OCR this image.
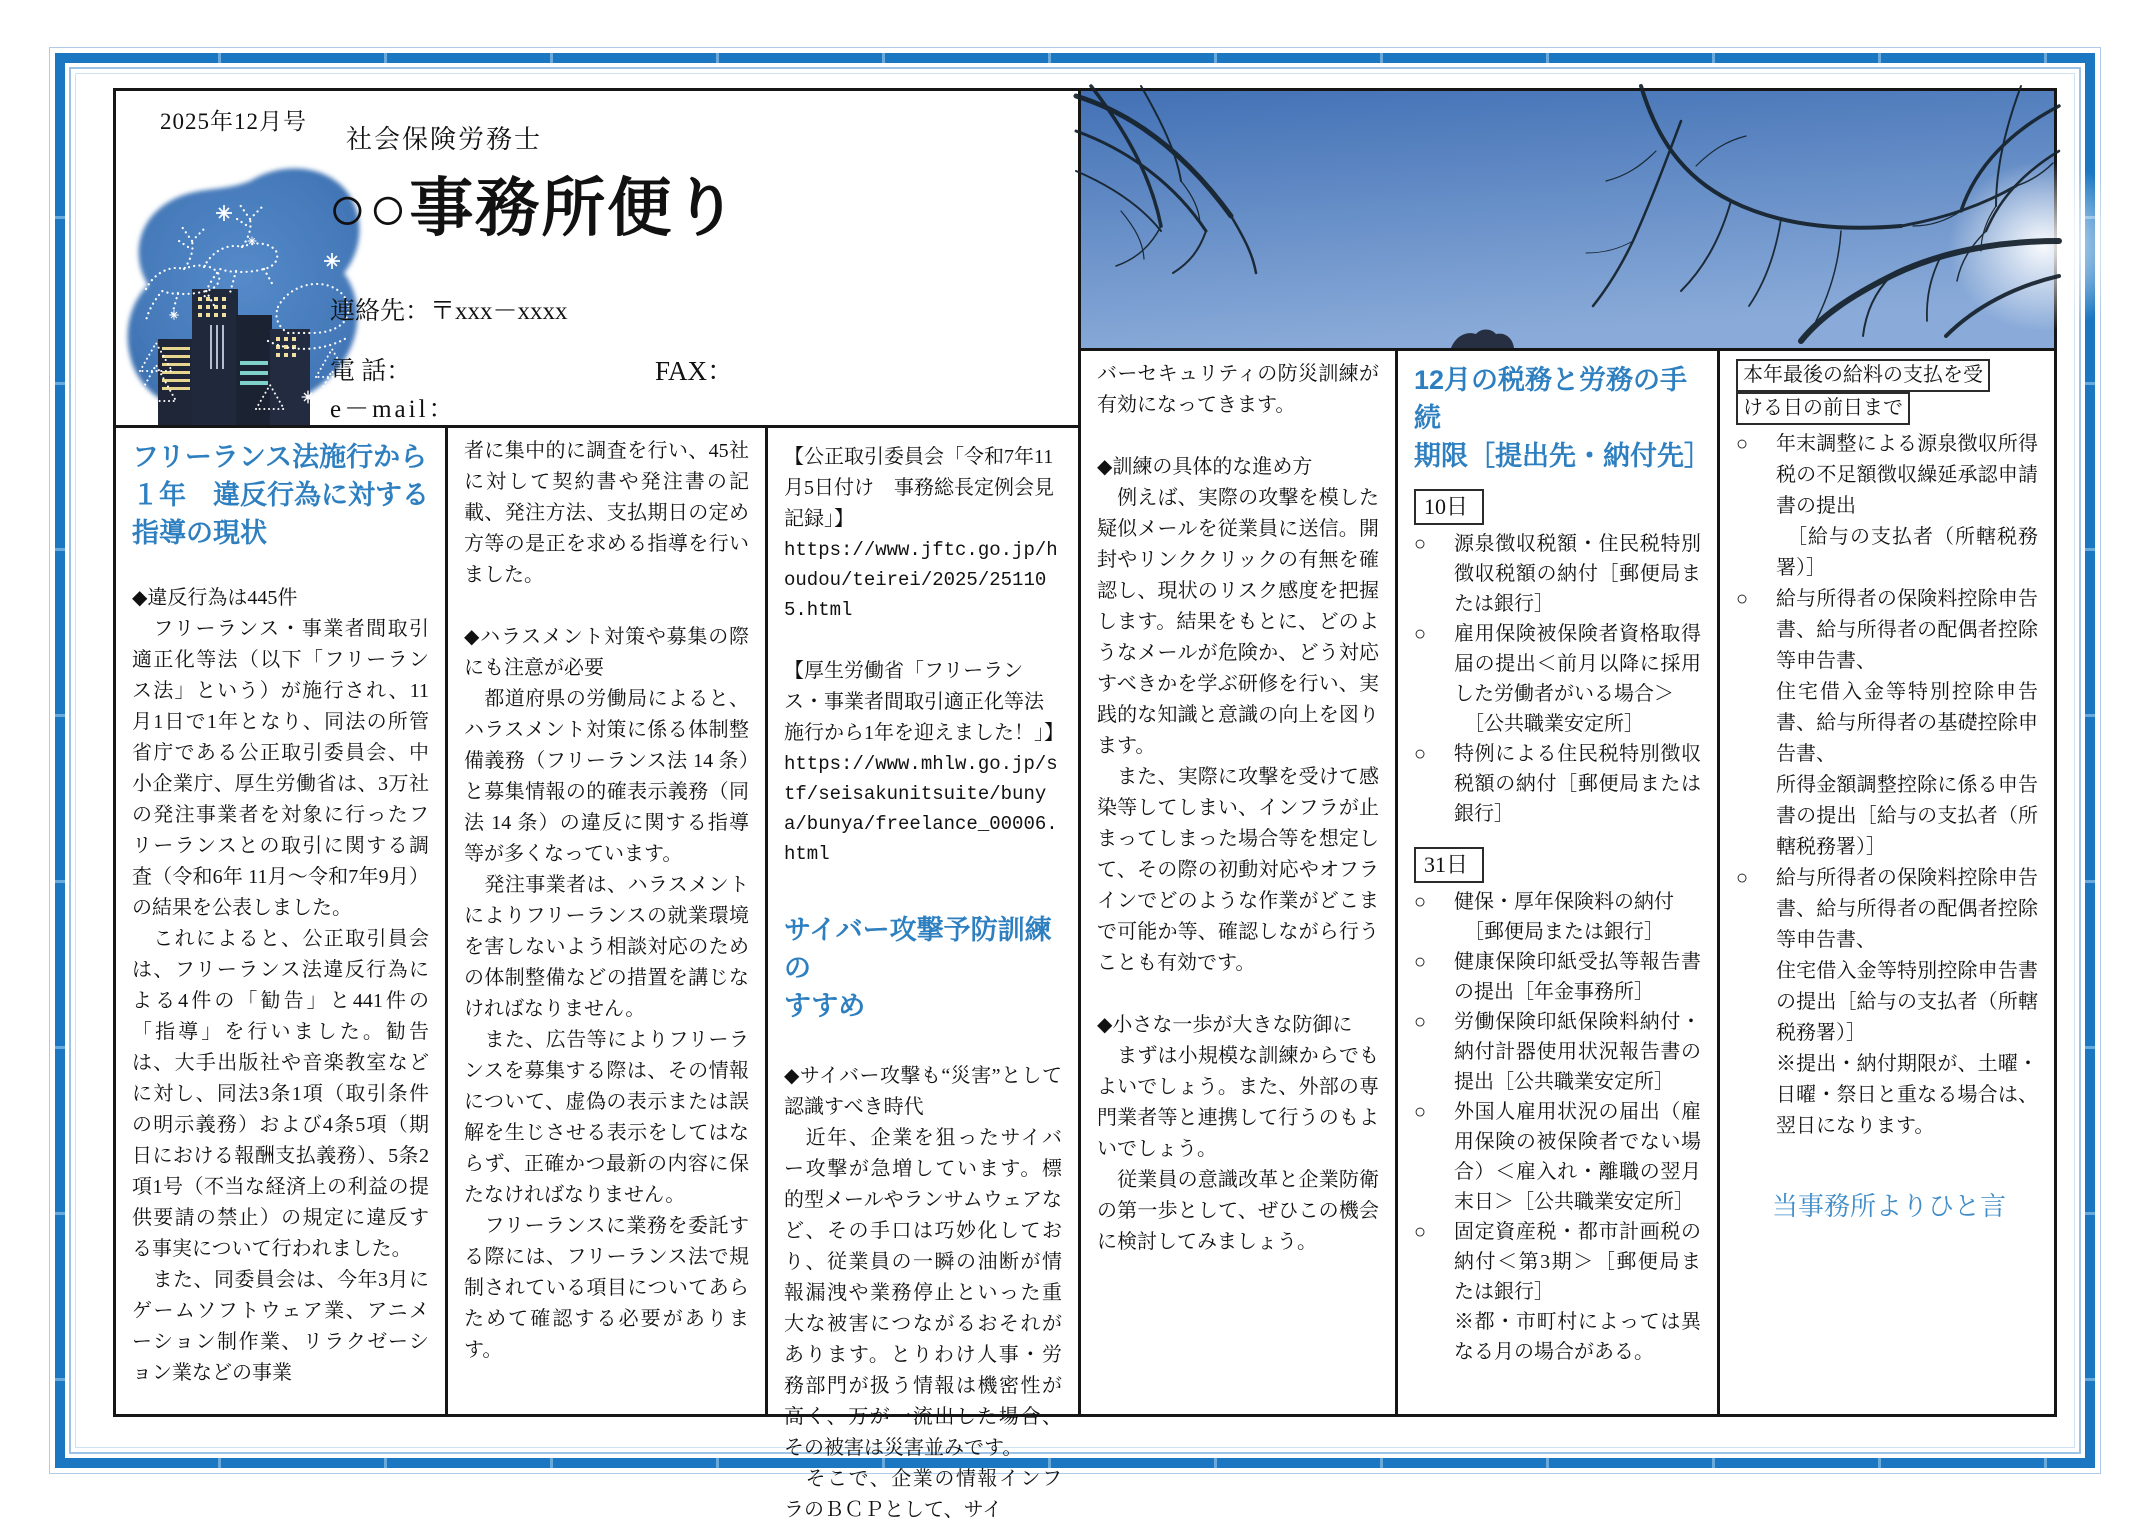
2025年12月号
社会保険労務士
○○事務所便り
連絡先：〒xxx－xxxx
電 話：	FAX：
e－mail：
フリーランス法施行から
１年　違反行為に対する
指導の現状

◆違反行為は445件

　フリーランス・事業者間取引適正化等法（以下「フリーランス法」という）が施行され、11月1日で1年となり、同法の所管省庁である公正取引委員会、中小企業庁、厚生労働省は、3万社の発注事業者を対象に行ったフリーランスとの取引に関する調査（令和6年 11月～令和7年9月）の結果を公表しました。

　これによると、公正取引員会は、フリーランス法違反行為による4件の「勧告」と441件の「指導」を行いました。勧告は、大手出版社や音楽教室などに対し、同法3条1項（取引条件の明示義務）および4条5項（期日における報酬支払義務）、5条2項1号（不当な経済上の利益の提供要請の禁止）の規定に違反する事実について行われました。

　また、同委員会は、今年3月にゲームソフトウェア業、アニメーション制作業、リラクゼーション業などの事業

者に集中的に調査を行い、45社に対して契約書や発注書の記載、発注方法、支払期日の定め方等の是正を求める指導を行いました。

◆ハラスメント対策や募集の際にも注意が必要

　都道府県の労働局によると、ハラスメント対策に係る体制整備義務（フリーランス法 14 条）と募集情報の的確表示義務（同法 14 条）の違反に関する指導等が多くなっています。

　発注事業者は、ハラスメントによりフリーランスの就業環境を害しないよう相談対応のための体制整備などの措置を講じなければなりません。

　また、広告等によりフリーランスを募集する際は、その情報について、虚偽の表示または誤解を生じさせる表示をしてはならず、正確かつ最新の内容に保たなければなりません。

　フリーランスに業務を委託する際には、フリーランス法で規制されている項目についてあらためて確認する必要があります。

【公正取引委員会「令和7年11月5日付け　事務総長定例会見記録」】

https://www.jftc.go.jp/houdou/teirei/2025/251105.html

【厚生労働省「フリーランス・事業者間取引適正化等法施行から1年を迎えました！」】

https://www.mhlw.go.jp/stf/seisakunitsuite/bunya/bunya/freelance_00006.html

サイバー攻撃予防訓練の
すすめ

◆サイバー攻撃も“災害”として認識すべき時代

　近年、企業を狙ったサイバー攻撃が急増しています。標的型メールやランサムウェアなど、その手口は巧妙化しており、従業員の一瞬の油断が情報漏洩や業務停止といった重大な被害につながるおそれがあります。とりわけ人事・労務部門が扱う情報は機密性が高く、万が一流出した場合、その被害は災害並みです。

　そこで、企業の情報インフラのＢＣＰとして、サイ

バーセキュリティの防災訓練が有効になってきます。

◆訓練の具体的な進め方

　例えば、実際の攻撃を模した疑似メールを従業員に送信。開封やリンククリックの有無を確認し、現状のリスク感度を把握します。結果をもとに、どのようなメールが危険か、どう対応すべきかを学ぶ研修を行い、実践的な知識と意識の向上を図ります。

　また、実際に攻撃を受けて感染等してしまい、インフラが止まってしまった場合等を想定して、その際の初動対応やオフラインでどのような作業がどこまで可能か等、確認しながら行うことも有効です。

◆小さな一歩が大きな防御に

　まずは小規模な訓練からでもよいでしょう。また、外部の専門業者等と連携して行うのもよいでしょう。

　従業員の意識改革と企業防衛の第一歩として、ぜひこの機会に検討してみましょう。

12月の税務と労務の手続
期限［提出先・納付先］
10日
○	源泉徴収税額・住民税特別徴収税額の納付［郵便局または銀行］
○	雇用保険被保険者資格取得届の提出＜前月以降に採用した労働者がいる場合＞
　［公共職業安定所］
○	特例による住民税特別徴収税額の納付［郵便局または銀行］
31日
○	健保・厚年保険料の納付
　［郵便局または銀行］
○	健康保険印紙受払等報告書の提出［年金事務所］
○	労働保険印紙保険料納付・納付計器使用状況報告書の提出［公共職業安定所］
○	外国人雇用状況の届出（雇用保険の被保険者でない場合）＜雇入れ・離職の翌月末日＞［公共職業安定所］
○	固定資産税・都市計画税の納付＜第3期＞［郵便局または銀行］
※都・市町村によっては異なる月の場合がある。
本年最後の給料の支払を受
ける日の前日まで
○	年末調整による源泉徴収所得税の不足額徴収繰延承認申請書の提出
　［給与の支払者（所轄税務署）］
○	給与所得者の保険料控除申告書、給与所得者の配偶者控除等申告書、
住宅借入金等特別控除申告書、給与所得者の基礎控除申告書、
所得金額調整控除に係る申告書の提出［給与の支払者（所轄税務署）］
○	給与所得者の保険料控除申告書、給与所得者の配偶者控除等申告書、
住宅借入金等特別控除申告書の提出［給与の支払者（所轄税務署）］
※提出・納付期限が、土曜・日曜・祭日と重なる場合は、翌日になります。
当事務所よりひと言
